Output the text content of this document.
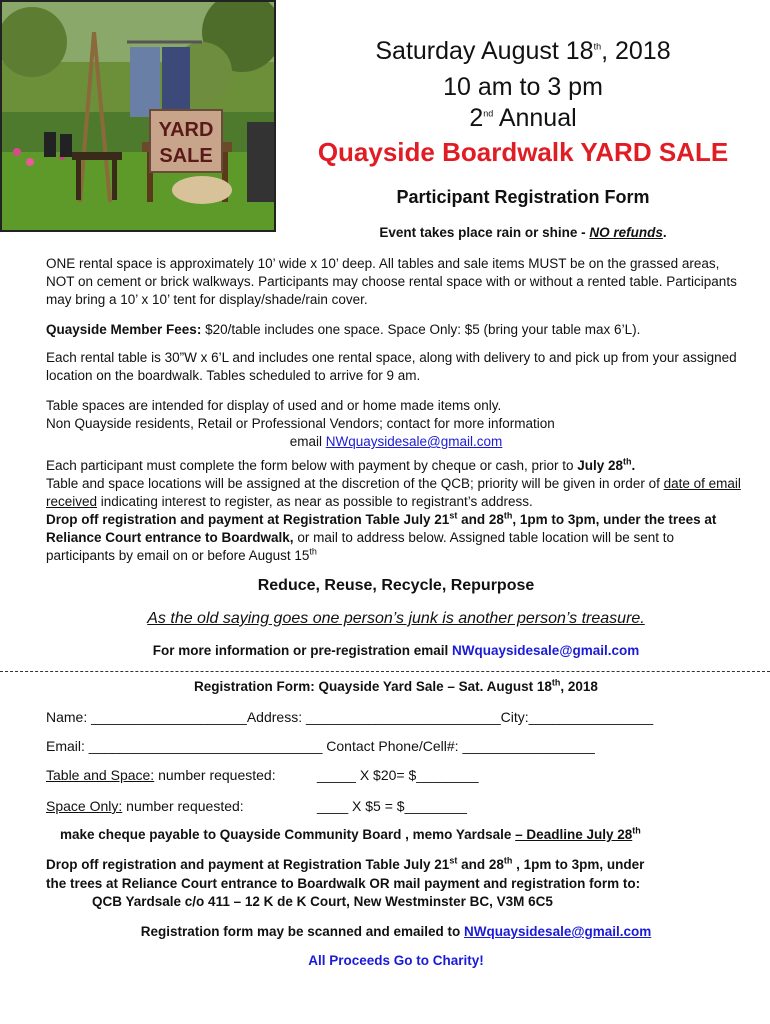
YARD
SALE
Saturday August 18th, 2018
10 am to 3 pm
2nd Annual
Quayside Boardwalk YARD SALE
Participant Registration Form
Event takes place rain or shine - NO refunds.
ONE rental space is approximately 10’ wide x 10’ deep. All tables and sale items MUST be on the grassed areas, NOT on cement or brick walkways. Participants may choose rental space with or without a rented table. Participants may bring a 10’ x 10’ tent for display/shade/rain cover.
Quayside Member Fees: $20/table includes one space. Space Only: $5 (bring your table max 6’L).
Each rental table is 30”W x 6’L and includes one rental space, along with delivery to and pick up from your assigned location on the boardwalk. Tables scheduled to arrive for 9 am.
Table spaces are intended for display of used and or home made items only.
Non Quayside residents, Retail or Professional Vendors; contact for more information
email NWquaysidesale@gmail.com
Each participant must complete the form below with payment by cheque or cash, prior to July 28th.
Table and space locations will be assigned at the discretion of the QCB; priority will be given in order of date of email received indicating interest to register, as near as possible to registrant’s address.
Drop off registration and payment at Registration Table July 21st and 28th, 1pm to 3pm, under the trees at Reliance Court entrance to Boardwalk, or mail to address below. Assigned table location will be sent to participants by email on or before August 15th
Reduce, Reuse, Recycle, Repurpose
As the old saying goes one person’s junk is another person’s treasure.
For more information or pre-registration email NWquaysidesale@gmail.com
Registration Form: Quayside Yard Sale – Sat. August 18th, 2018
Name: ____________________Address: _________________________City:________________
Email: ______________________________ Contact Phone/Cell#: _________________
Table and Space: number requested:	_____ X $20= $________
Space Only: number requested:	____ X $5 = $________
make cheque payable to Quayside Community Board , memo Yardsale – Deadline July 28th
Drop off registration and payment at Registration Table July 21st and 28th , 1pm to 3pm, under
the trees at Reliance Court entrance to Boardwalk OR mail payment and registration form to:
QCB Yardsale c/o 411 – 12 K de K Court, New Westminster BC, V3M 6C5
Registration form may be scanned and emailed to NWquaysidesale@gmail.com
All Proceeds Go to Charity!
